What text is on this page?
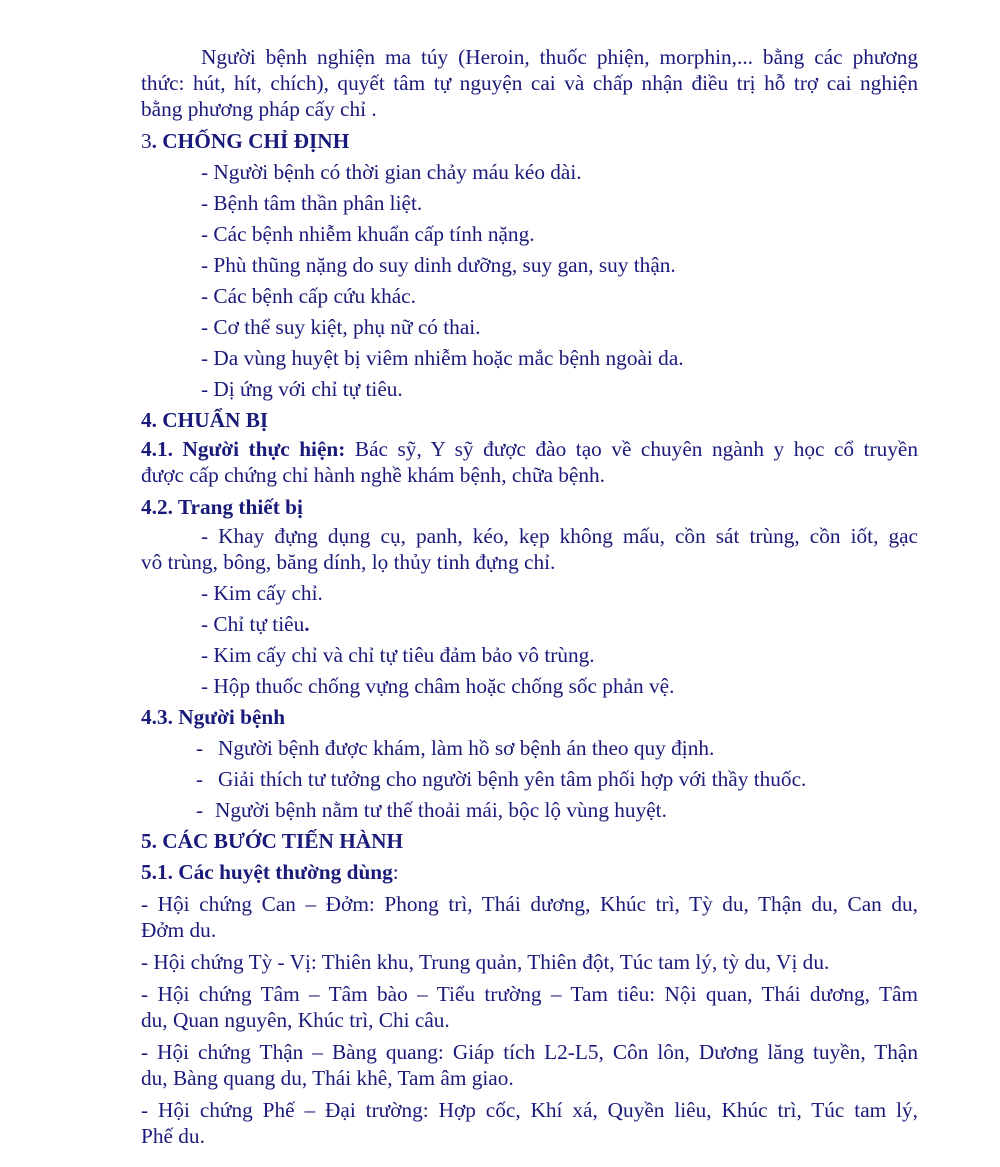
Người bệnh nghiện ma túy (Heroin, thuốc phiện, morphin,... bằng các phương
thức: hút, hít, chích), quyết tâm tự nguyện cai và chấp nhận điều trị hỗ trợ cai nghiện
bằng phương pháp cấy chỉ .
3. CHỐNG CHỈ ĐỊNH
- Người bệnh có thời gian chảy máu kéo dài.
- Bệnh tâm thần phân liệt.
- Các bệnh nhiễm khuẩn cấp tính nặng.
- Phù thũng nặng do suy dinh dưỡng, suy gan, suy thận.
- Các bệnh cấp cứu khác.
- Cơ thể suy kiệt, phụ nữ có thai.
- Da vùng huyệt bị viêm nhiễm hoặc mắc bệnh ngoài da.
- Dị ứng với chỉ tự tiêu.
4. CHUẨN BỊ
4.1. Người thực hiện: Bác sỹ, Y sỹ được đào tạo về chuyên ngành y học cổ truyền
được cấp chứng chỉ hành nghề khám bệnh, chữa bệnh.
4.2. Trang thiết bị
- Khay đựng dụng cụ, panh, kéo, kẹp không mấu, cồn sát trùng, cồn iốt, gạc
vô trùng, bông, băng dính, lọ thủy tinh đựng chỉ.
- Kim cấy chỉ.
- Chỉ tự tiêu.
- Kim cấy chỉ và chỉ tự tiêu đảm bảo vô trùng.
- Hộp thuốc chống vựng châm hoặc chống sốc phản vệ.
4.3. Người bệnh
- Người bệnh được khám, làm hồ sơ bệnh án theo quy định.
- Giải thích tư tưởng cho người bệnh yên tâm phối hợp với thầy thuốc.
- Người bệnh nằm tư thế thoải mái, bộc lộ vùng huyệt.
5. CÁC BƯỚC TIẾN HÀNH
5.1. Các huyệt thường dùng:
- Hội chứng Can – Đởm: Phong trì, Thái dương, Khúc trì, Tỳ du, Thận du, Can du,
Đởm du.
- Hội chứng Tỳ - Vị: Thiên khu, Trung quản, Thiên đột, Túc tam lý, tỳ du, Vị du.
- Hội chứng Tâm – Tâm bào – Tiểu trường – Tam tiêu: Nội quan, Thái dương, Tâm
du, Quan nguyên, Khúc trì, Chi câu.
- Hội chứng Thận – Bàng quang: Giáp tích L2-L5, Côn lôn, Dương lăng tuyền, Thận
du, Bàng quang du, Thái khê, Tam âm giao.
- Hội chứng Phế – Đại trường: Hợp cốc, Khí xá, Quyền liêu, Khúc trì, Túc tam lý,
Phế du.
